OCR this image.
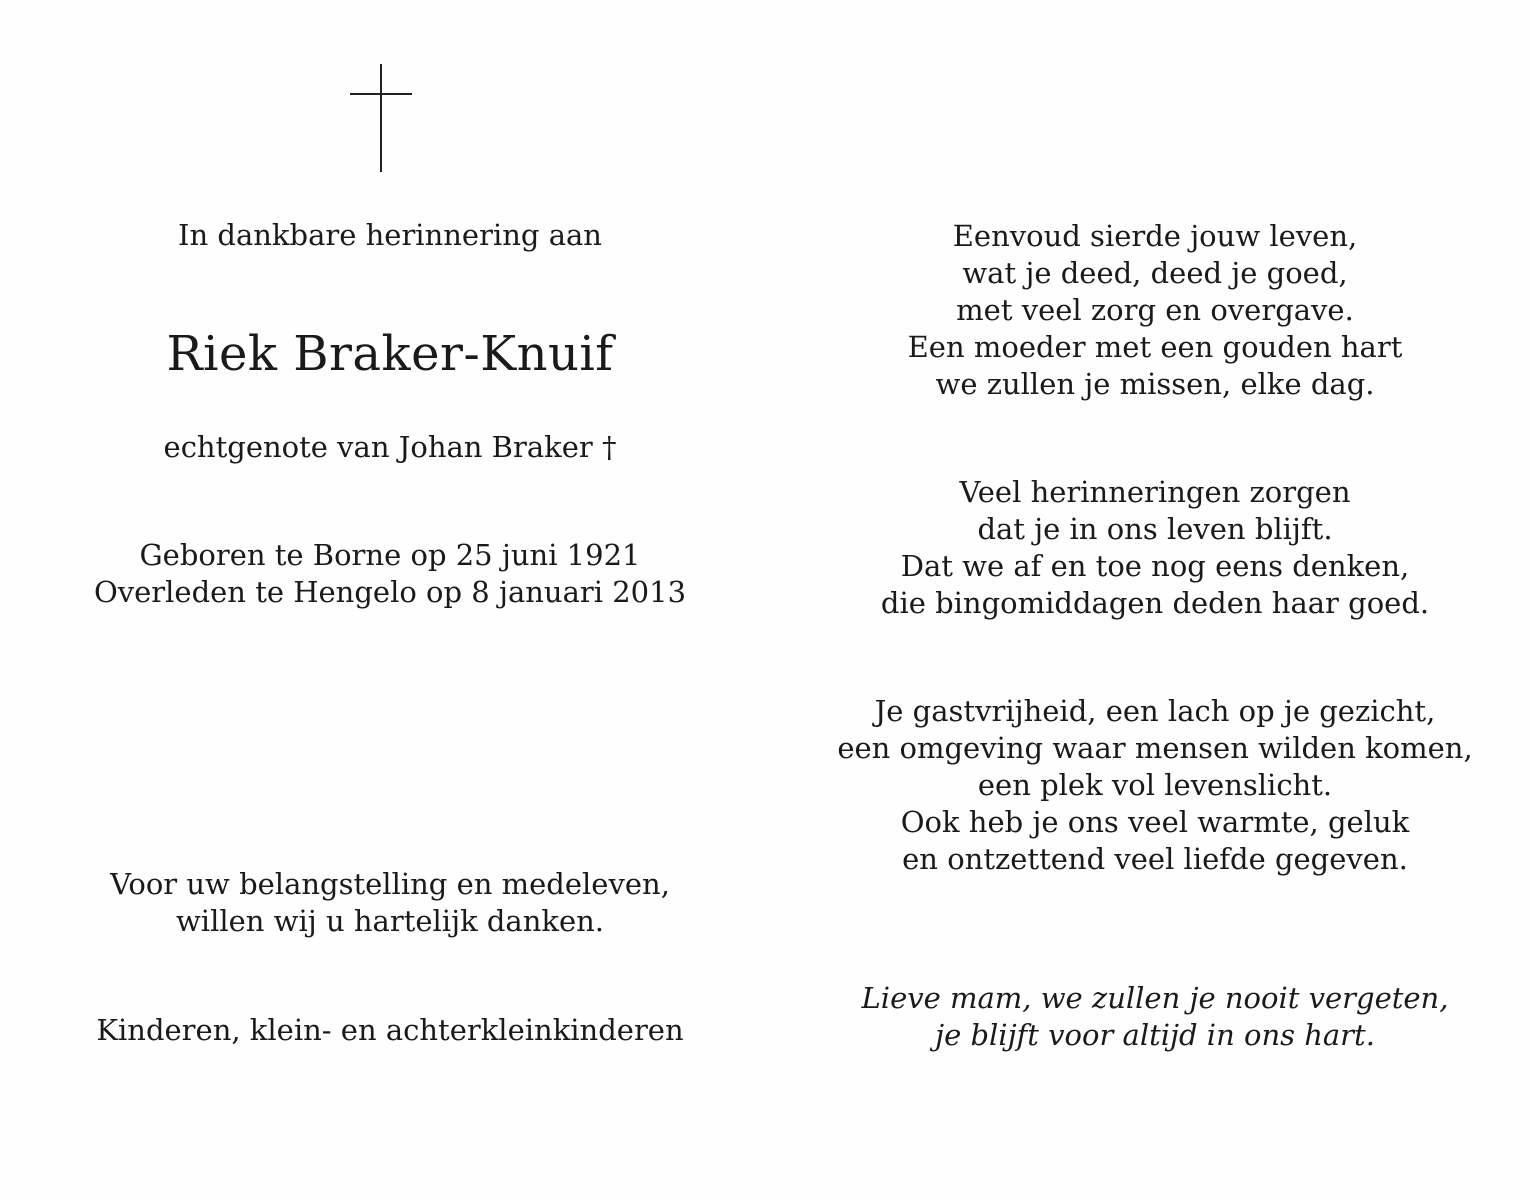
In dankbare herinnering aan
Riek Braker-Knuif
echtgenote van Johan Braker †
Geboren te Borne op 25 juni 1921
Overleden te Hengelo op 8 januari 2013
Voor uw belangstelling en medeleven,
willen wij u hartelijk danken.
Kinderen, klein- en achterkleinkinderen
Eenvoud sierde jouw leven,
wat je deed, deed je goed,
met veel zorg en overgave.
Een moeder met een gouden hart
we zullen je missen, elke dag.
Veel herinneringen zorgen
dat je in ons leven blijft.
Dat we af en toe nog eens denken,
die bingomiddagen deden haar goed.
Je gastvrijheid, een lach op je gezicht,
een omgeving waar mensen wilden komen,
een plek vol levenslicht.
Ook heb je ons veel warmte, geluk
en ontzettend veel liefde gegeven.
Lieve mam, we zullen je nooit vergeten,
je blijft voor altijd in ons hart.
